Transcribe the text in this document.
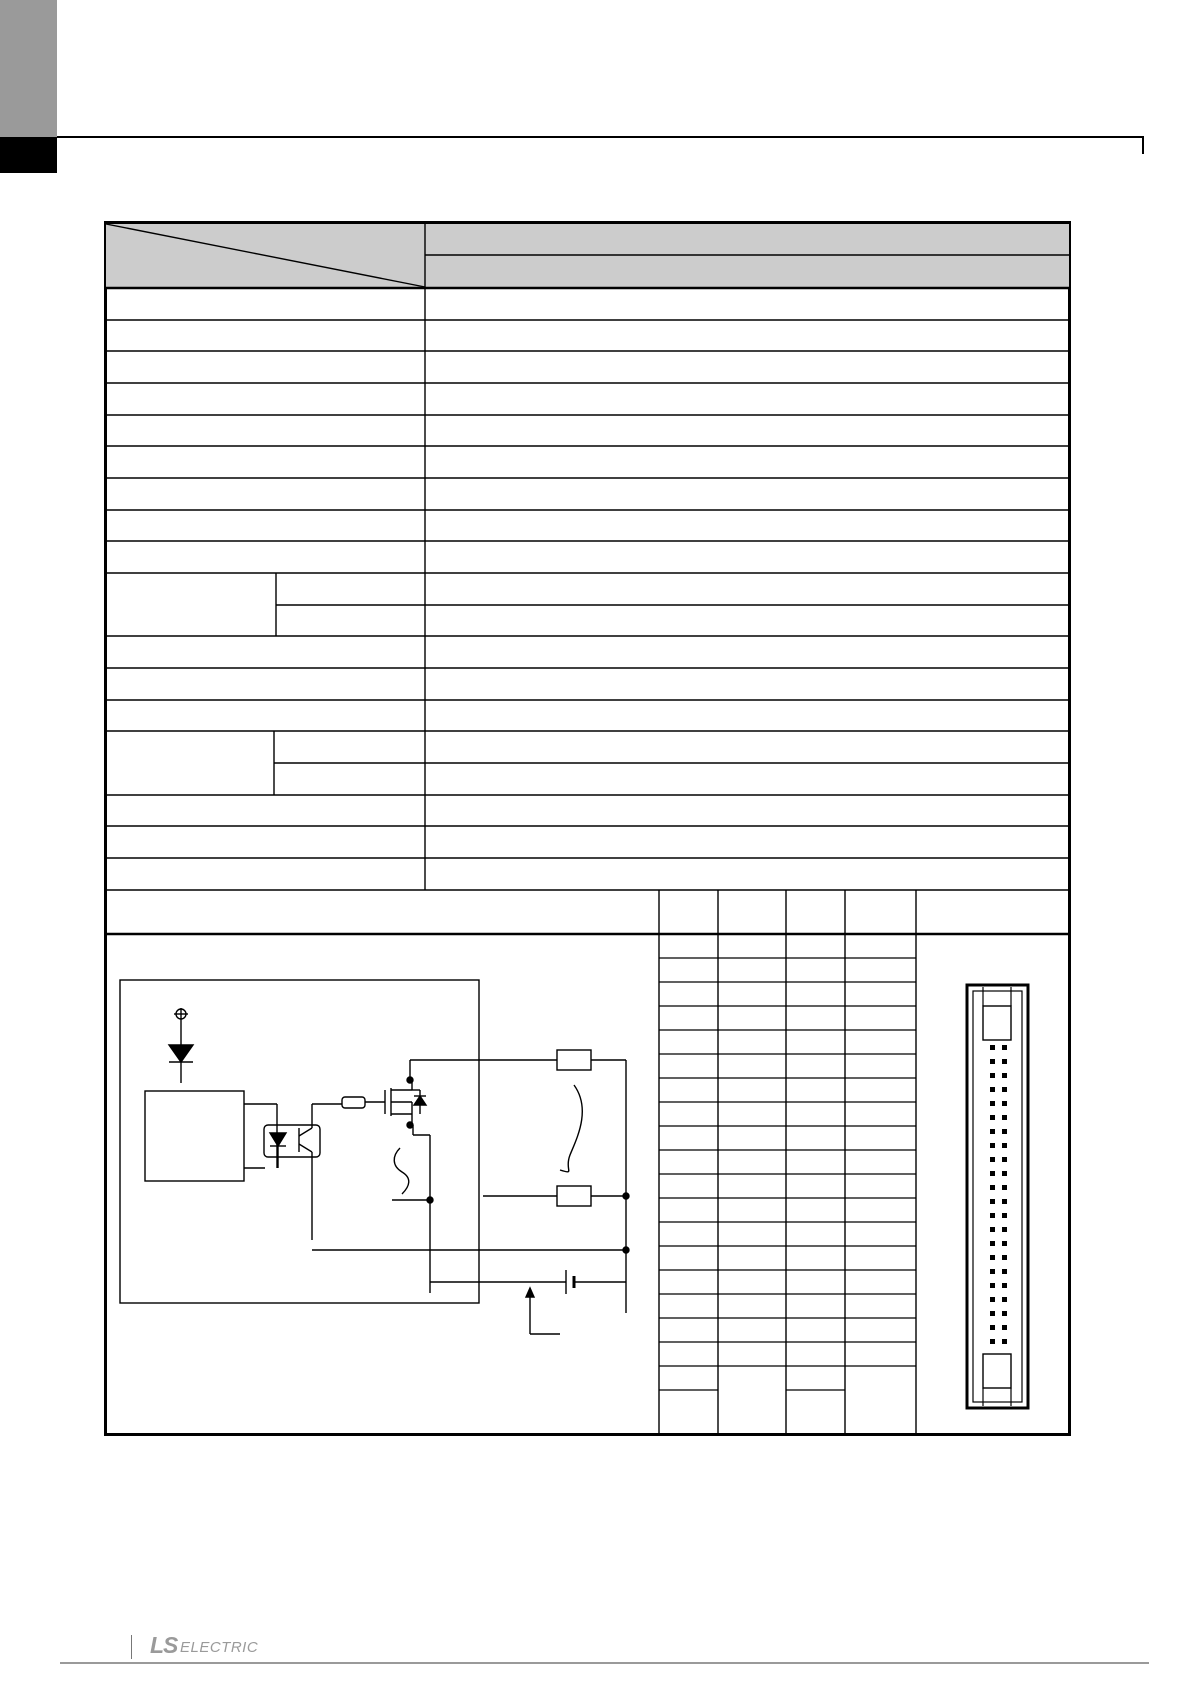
LS ELECTRIC
